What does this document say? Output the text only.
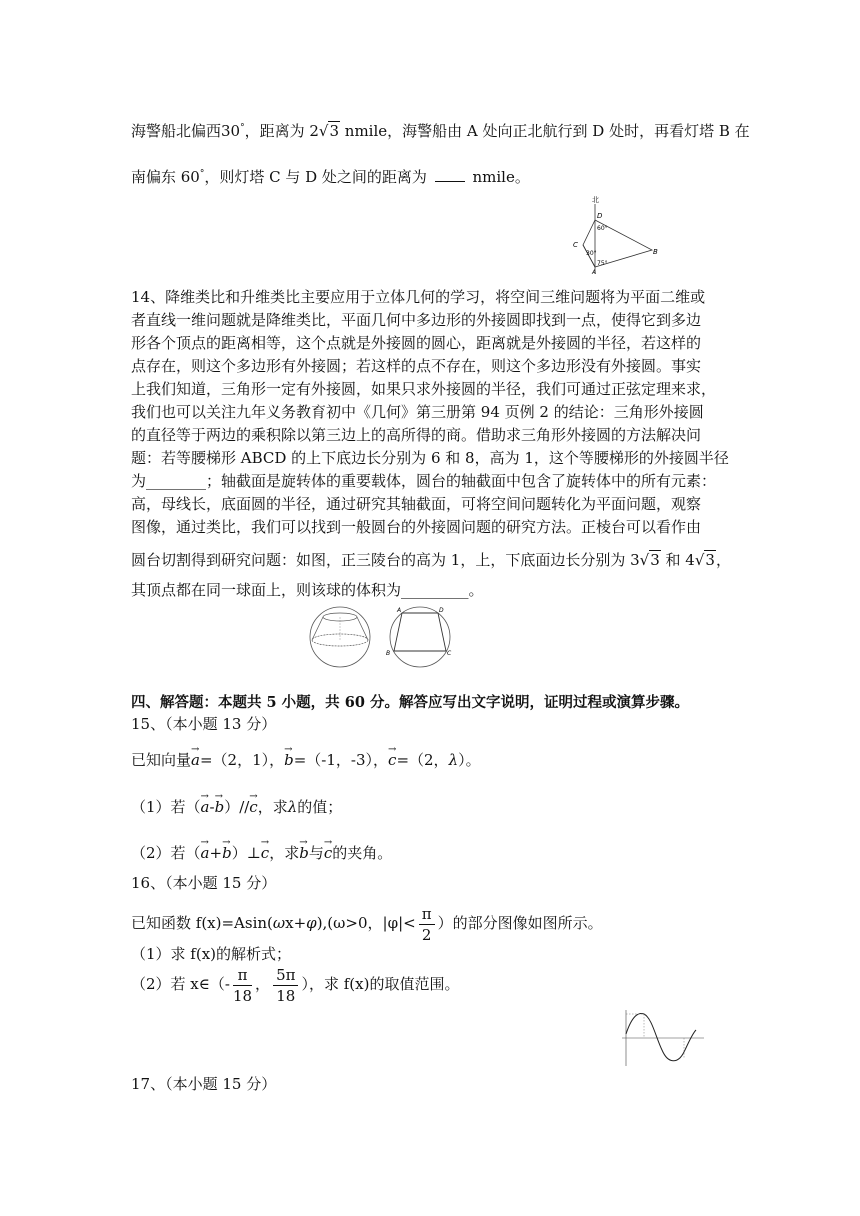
海警船北偏西30°，距离为 2√3 nmile，海警船由 A 处向正北航行到 D 处时，再看灯塔 B 在
南偏东 60°，则灯塔 C 与 D 处之间的距离为	nmile。
北
D
C
B
A
60°
30°
75°
14、降维类比和升维类比主要应用于立体几何的学习，将空间三维问题将为平面二维或
者直线一维问题就是降维类比，平面几何中多边形的外接圆即找到一点，使得它到多边
形各个顶点的距离相等，这个点就是外接圆的圆心，距离就是外接圆的半径，若这样的
点存在，则这个多边形有外接圆；若这样的点不存在，则这个多边形没有外接圆。事实
上我们知道，三角形一定有外接圆，如果只求外接圆的半径，我们可通过正弦定理来求，
我们也可以关注九年义务教育初中《几何》第三册第 94 页例 2 的结论：三角形外接圆
的直径等于两边的乘积除以第三边上的高所得的商。借助求三角形外接圆的方法解决问
题：若等腰梯形 ABCD 的上下底边长分别为 6 和 8，高为 1，这个等腰梯形的外接圆半径
为________；轴截面是旋转体的重要载体，圆台的轴截面中包含了旋转体中的所有元素：
高，母线长，底面圆的半径，通过研究其轴截面，可将空间问题转化为平面问题，观察
图像，通过类比，我们可以找到一般圆台的外接圆问题的研究方法。正棱台可以看作由
圆台切割得到研究问题：如图，正三陵台的高为 1，上，下底面边长分别为 3√3 和 4√3，
其顶点都在同一球面上，则该球的体积为_________。
A	D
B	C
四、解答题：本题共 5 小题，共 60 分。解答应写出文字说明，证明过程或演算步骤。
15、（本小题 13 分）
已知向量→ a=（2，1），→ b=（-1，-3），→ c=（2，λ）。
（1）若（→ a-→ b）//→ c，求λ的值；
（2）若（→ a+→ b）⊥→ c，求→ b与→ c的夹角。
16、（本小题 15 分）
已知函数 f(x)=Asin(ωx+φ),(ω>0，$|\varphi|< \frac{\pi}{2}$ ）的部分图像如图所示。
（1）求 f(x)的解析式；
（2）若 x∈（- $\frac{\pi}{18}$ ， $\frac{5\pi}{18}$ ），求 f(x)的取值范围。
17、（本小题 15 分）
